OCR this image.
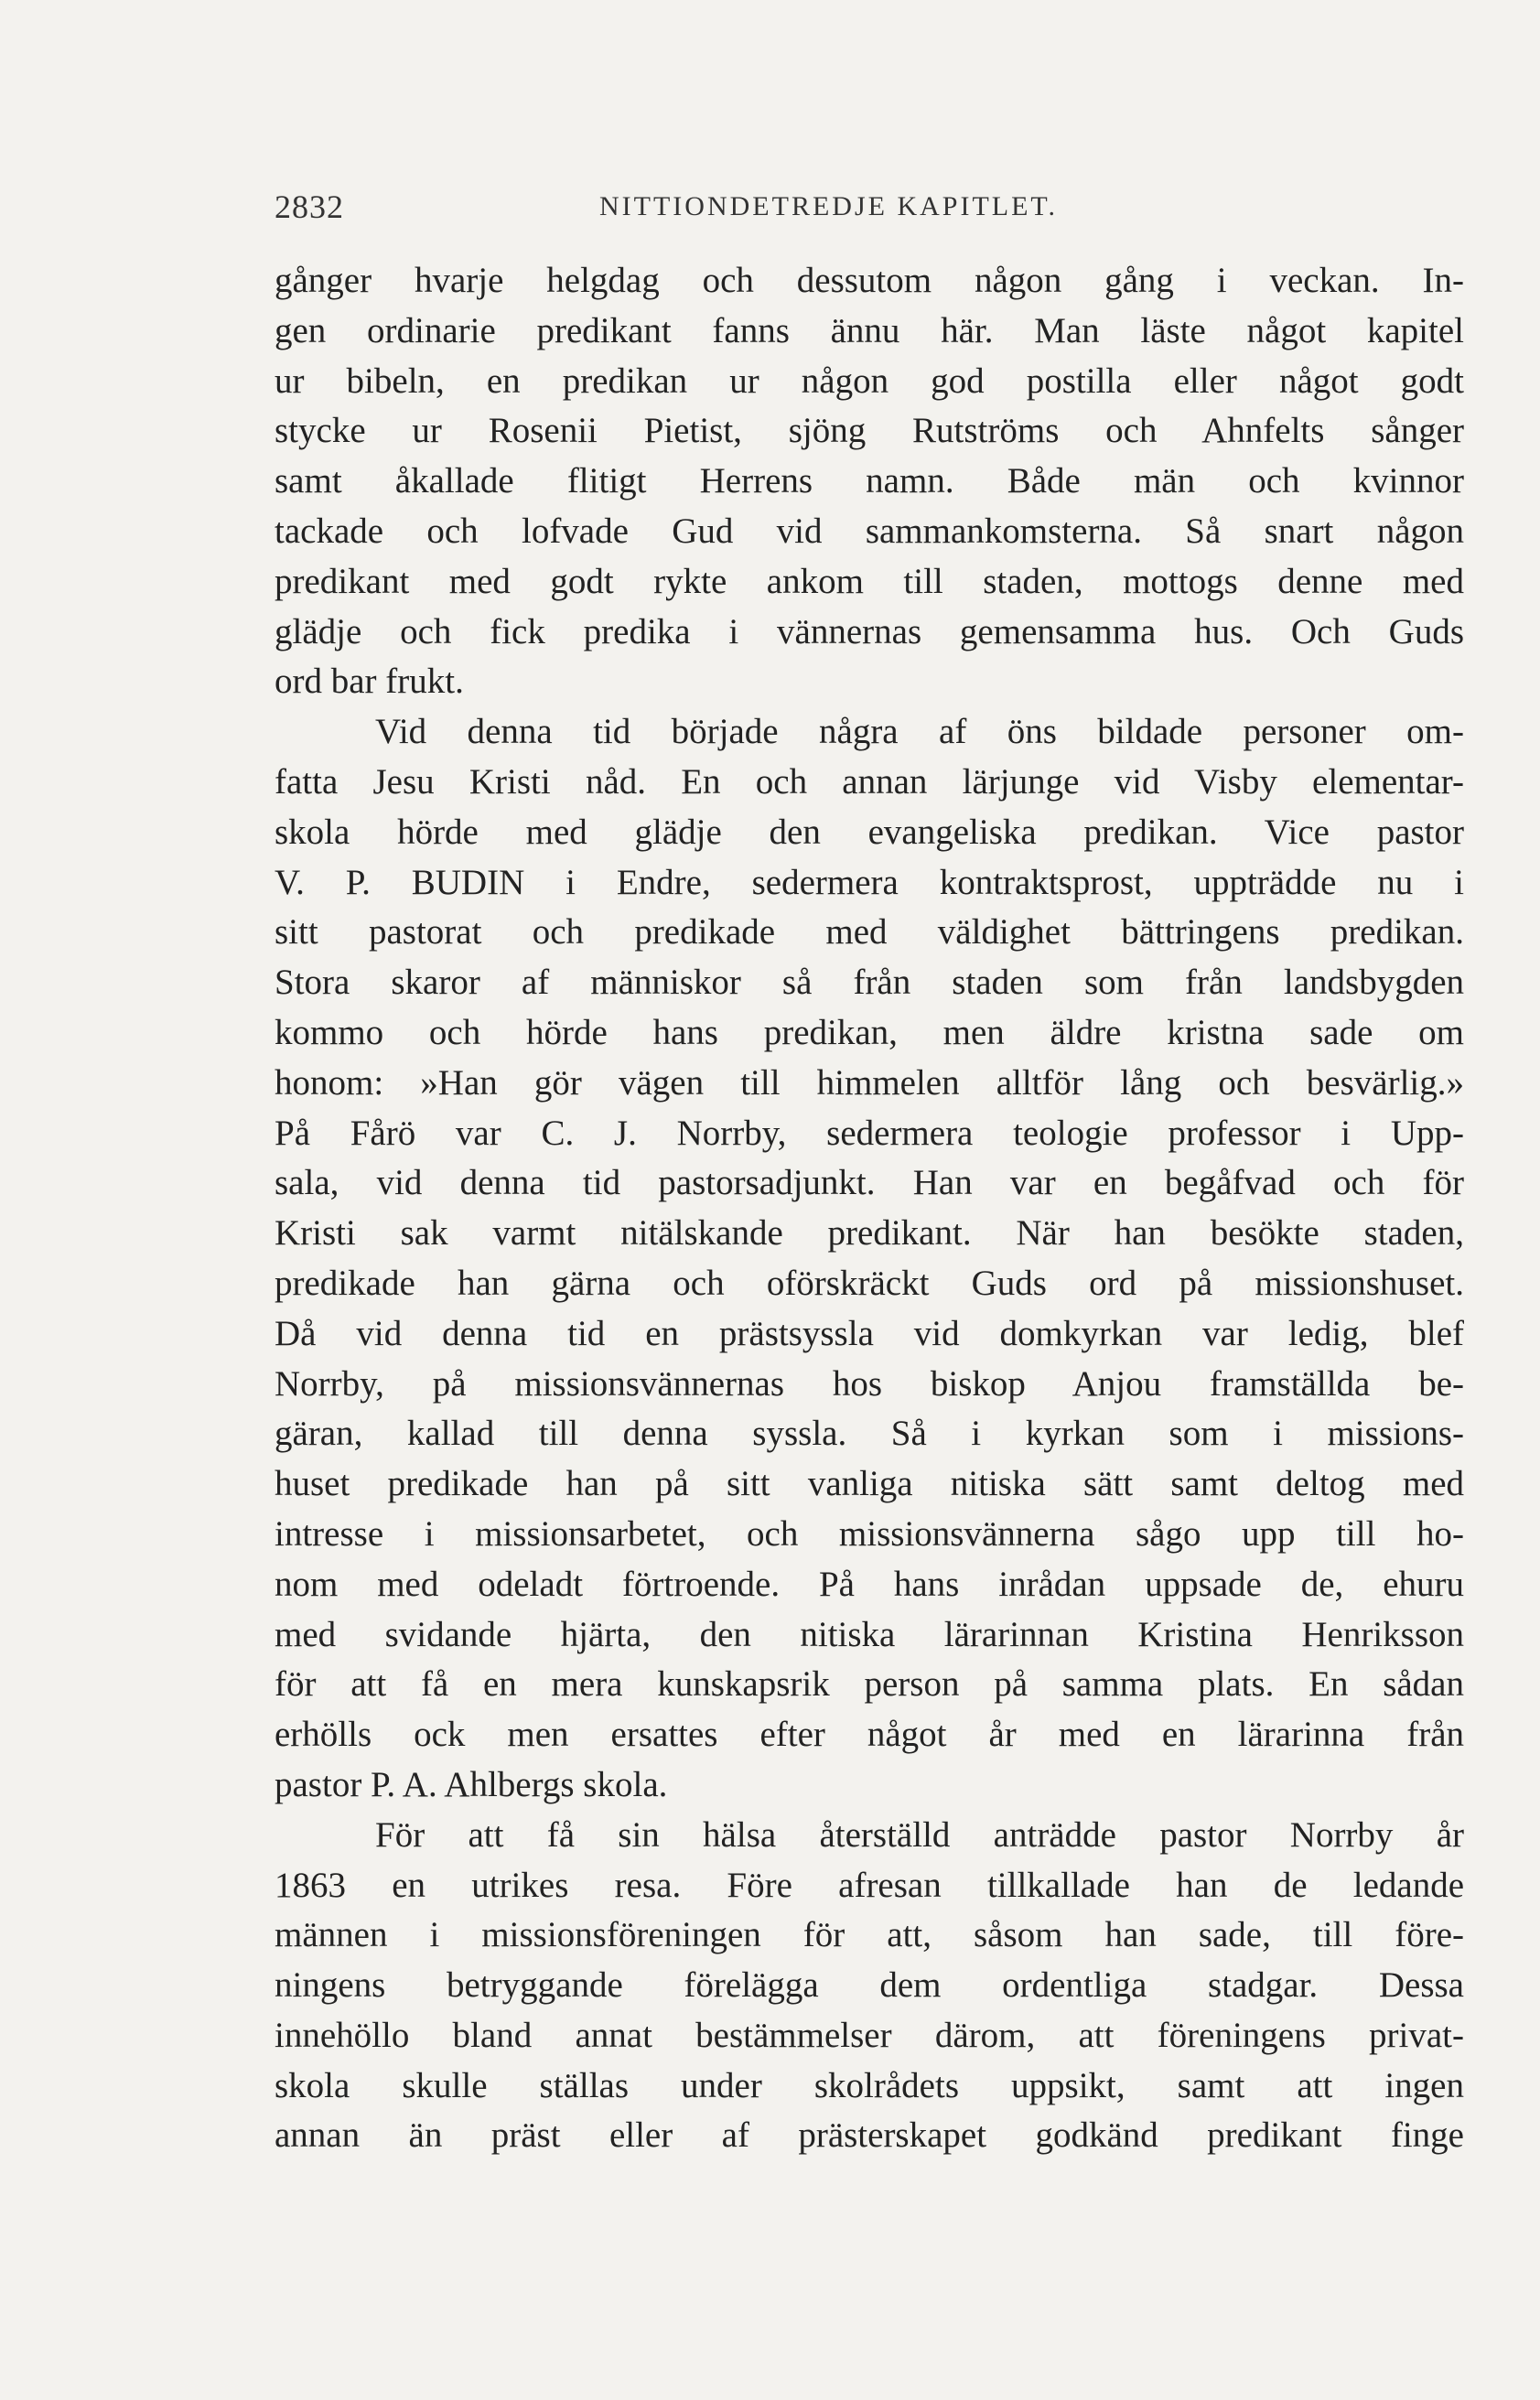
2832	NITTIONDETREDJE KAPITLET.
gånger hvarje helgdag och dessutom någon gång i veckan. In-
gen ordinarie predikant fanns ännu här. Man läste något kapitel
ur bibeln, en predikan ur någon god postilla eller något godt
stycke ur Rosenii Pietist, sjöng Rutströms och Ahnfelts sånger
samt åkallade flitigt Herrens namn. Både män och kvinnor
tackade och lofvade Gud vid sammankomsterna. Så snart någon
predikant med godt rykte ankom till staden, mottogs denne med
glädje och fick predika i vännernas gemensamma hus. Och Guds
ord bar frukt.
Vid denna tid började några af öns bildade personer om-
fatta Jesu Kristi nåd. En och annan lärjunge vid Visby elementar-
skola hörde med glädje den evangeliska predikan. Vice pastor
V. P. BUDIN i Endre, sedermera kontraktsprost, uppträdde nu i
sitt pastorat och predikade med väldighet bättringens predikan.
Stora skaror af människor så från staden som från landsbygden
kommo och hörde hans predikan, men äldre kristna sade om
honom: »Han gör vägen till himmelen alltför lång och besvärlig.»
På Fårö var C. J. Norrby, sedermera teologie professor i Upp-
sala, vid denna tid pastorsadjunkt. Han var en begåfvad och för
Kristi sak varmt nitälskande predikant. När han besökte staden,
predikade han gärna och oförskräckt Guds ord på missionshuset.
Då vid denna tid en prästsyssla vid domkyrkan var ledig, blef
Norrby, på missionsvännernas hos biskop Anjou framställda be-
gäran, kallad till denna syssla. Så i kyrkan som i missions-
huset predikade han på sitt vanliga nitiska sätt samt deltog med
intresse i missionsarbetet, och missionsvännerna sågo upp till ho-
nom med odeladt förtroende. På hans inrådan uppsade de, ehuru
med svidande hjärta, den nitiska lärarinnan Kristina Henriksson
för att få en mera kunskapsrik person på samma plats. En sådan
erhölls ock men ersattes efter något år med en lärarinna från
pastor P. A. Ahlbergs skola.
För att få sin hälsa återställd anträdde pastor Norrby år
1863 en utrikes resa. Före afresan tillkallade han de ledande
männen i missionsföreningen för att, såsom han sade, till före-
ningens betryggande förelägga dem ordentliga stadgar. Dessa
innehöllo bland annat bestämmelser därom, att föreningens privat-
skola skulle ställas under skolrådets uppsikt, samt att ingen
annan än präst eller af prästerskapet godkänd predikant finge
